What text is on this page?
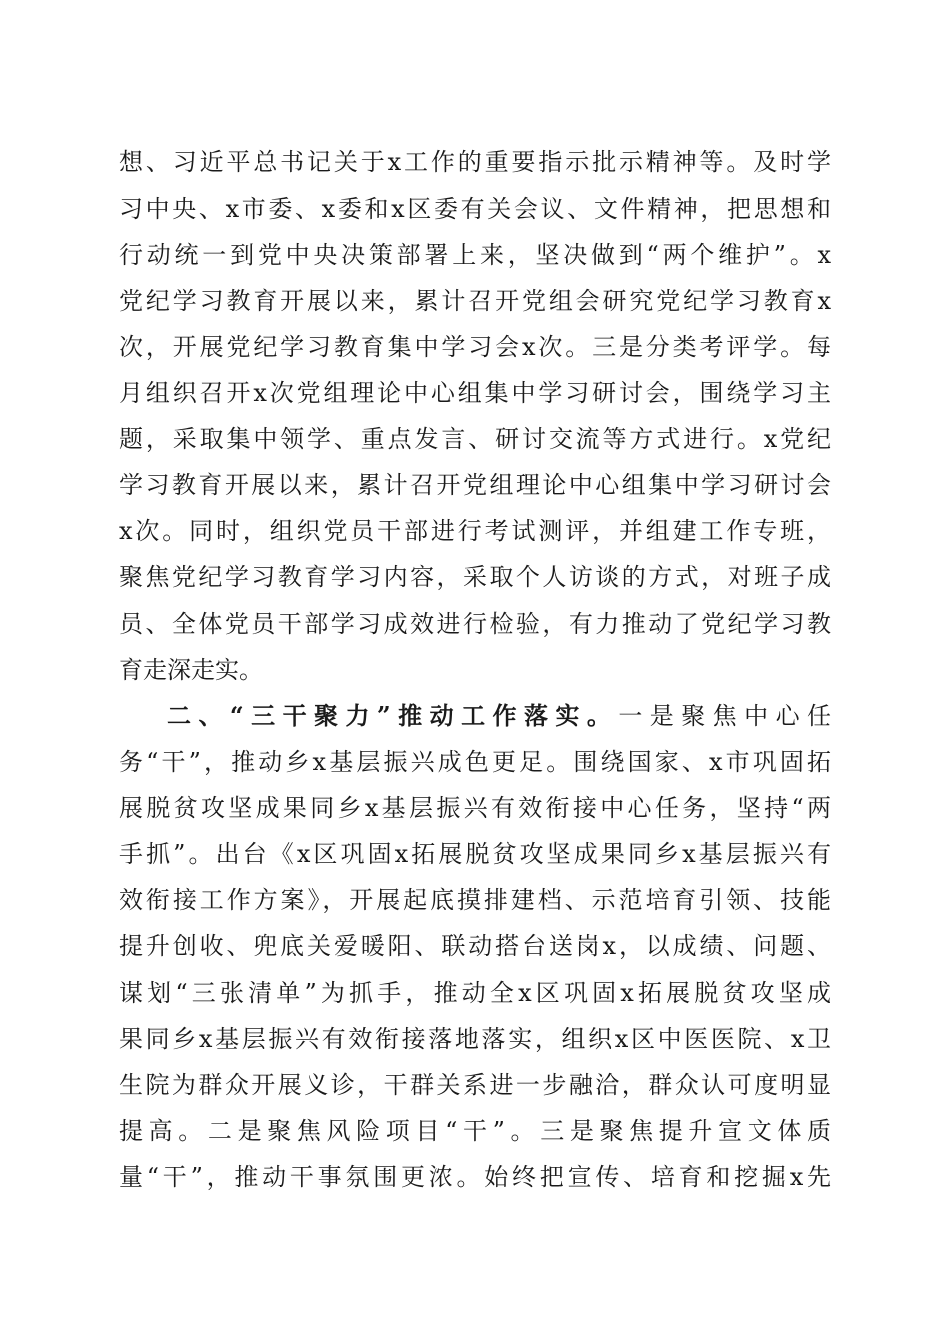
想、习近平总书记关于x工作的重要指示批示精神等。及时学
习中央、x市委、x委和x区委有关会议、文件精神，把思想和
行动统一到党中央决策部署上来，坚决做到“两个维护”。x
党纪学习教育开展以来，累计召开党组会研究党纪学习教育x
次，开展党纪学习教育集中学习会x次。三是分类考评学。每
月组织召开x次党组理论中心组集中学习研讨会，围绕学习主
题，采取集中领学、重点发言、研讨交流等方式进行。x党纪
学习教育开展以来，累计召开党组理论中心组集中学习研讨会
x次。同时，组织党员干部进行考试测评，并组建工作专班，
聚焦党纪学习教育学习内容，采取个人访谈的方式，对班子成
员、全体党员干部学习成效进行检验，有力推动了党纪学习教
育走深走实。
二、“三干聚力”推动工作落实。一是聚焦中心任
务“干”，推动乡x基层振兴成色更足。围绕国家、x市巩固拓
展脱贫攻坚成果同乡x基层振兴有效衔接中心任务，坚持“两
手抓”。出台《x区巩固x拓展脱贫攻坚成果同乡x基层振兴有
效衔接工作方案》，开展起底摸排建档、示范培育引领、技能
提升创收、兜底关爱暖阳、联动搭台送岗x，以成绩、问题、
谋划“三张清单”为抓手，推动全x区巩固x拓展脱贫攻坚成
果同乡x基层振兴有效衔接落地落实，组织x区中医医院、x卫
生院为群众开展义诊，干群关系进一步融洽，群众认可度明显
提高。二是聚焦风险项目“干”。三是聚焦提升宣文体质
量“干”，推动干事氛围更浓。始终把宣传、培育和挖掘x先
